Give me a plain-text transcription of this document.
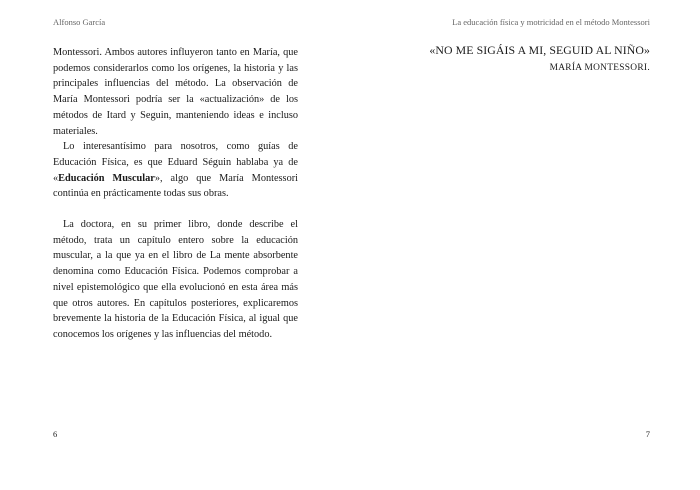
Alfonso García

Montessori. Ambos autores influyeron tanto en María, que podemos considerarlos como los orígenes, la historia y las principales influencias del método. La observación de María Montessori podría ser la «actualización» de los métodos de Itard y Seguin, manteniendo ideas e incluso materiales.

Lo interesantísimo para nosotros, como guías de Educación Física, es que Eduard Séguin hablaba ya de «Educación Muscular», algo que María Montessori continúa en prácticamente todas sus obras.

La doctora, en su primer libro, donde describe el método, trata un capítulo entero sobre la educación muscular, a la que ya en el libro de La mente absorbente denomina como Educación Física. Podemos comprobar a nivel epistemológico que ella evolucionó en esta área más que otros autores. En capítulos posteriores, explicaremos brevemente la historia de la Educación Física, al igual que conocemos los orígenes y las influencias del método.

6
La educación física y motricidad en el método Montessori
«NO ME SIGÁIS A MI, SEGUID AL NIÑO»
MARÍA MONTESSORI.
7
